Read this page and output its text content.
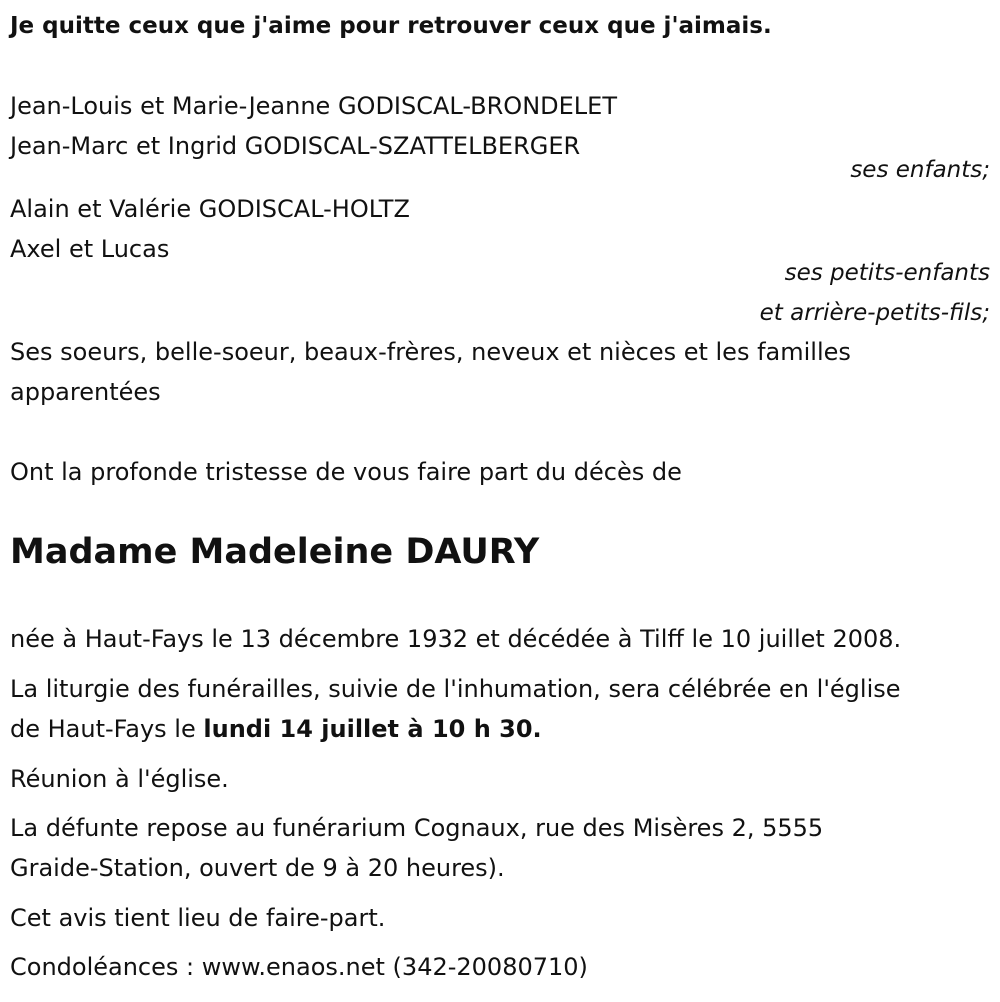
Je quitte ceux que j'aime pour retrouver ceux que j'aimais.

Jean-Louis et Marie-Jeanne GODISCAL-BRONDELET

Jean-Marc et Ingrid GODISCAL-SZATTELBERGER

ses enfants;

Alain et Valérie GODISCAL-HOLTZ

Axel et Lucas

ses petits-enfants

et arrière-petits-fils;

Ses soeurs, belle-soeur, beaux-frères, neveux et nièces et les familles

apparentées

Ont la profonde tristesse de vous faire part du décès de

Madame Madeleine DAURY

née à Haut-Fays le 13 décembre 1932 et décédée à Tilff le 10 juillet 2008.

La liturgie des funérailles, suivie de l'inhumation, sera célébrée en l'église

de Haut-Fays le lundi 14 juillet à 10 h 30.

Réunion à l'église.

La défunte repose au funérarium Cognaux, rue des Misères 2, 5555

Graide-Station, ouvert de 9 à 20 heures).

Cet avis tient lieu de faire-part.

Condoléances : www.enaos.net (342-20080710)
